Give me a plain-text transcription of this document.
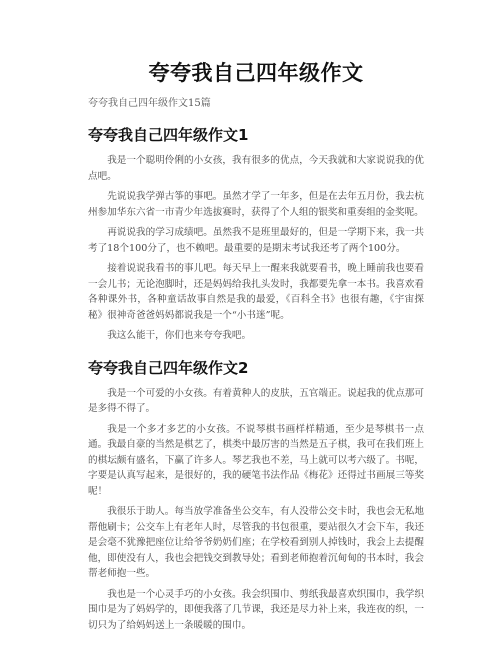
夸夸我自己四年级作文

夸夸我自己四年级作文15篇

夸夸我自己四年级作文1

我是一个聪明伶俐的小女孩，我有很多的优点，今天我就和大家说说我的优点吧。

先说说我学弹古筝的事吧。虽然才学了一年多，但是在去年五月份，我去杭州参加华东六省一市青少年选拔赛时，获得了个人组的银奖和重奏组的金奖呢。

再说说我的学习成绩吧。虽然我不是班里最好的，但是一学期下来，我一共考了18个100分了，也不赖吧。最重要的是期末考试我还考了两个100分。

接着说说我看书的事儿吧。每天早上一醒来我就要看书，晚上睡前我也要看一会儿书；无论泡脚时，还是妈妈给我扎头发时，我都要先拿一本书。我喜欢看各种课外书，各种童话故事自然是我的最爱，《百科全书》也很有趣，《宇宙探秘》很神奇爸爸妈妈都说我是一个“小书迷”呢。

我这么能干，你们也来夸夸我吧。

夸夸我自己四年级作文2

我是一个可爱的小女孩。有着黄种人的皮肤，五官端正。说起我的优点那可是多得不得了。

我是一个多才多艺的小女孩。不说琴棋书画样样精通，至少是琴棋书一点通。我最自豪的当然是棋艺了，棋类中最厉害的当然是五子棋，我可在我们班上的棋坛颇有盛名，下赢了许多人。琴艺我也不差，马上就可以考六级了。书呢，字要是认真写起来，是很好的，我的硬笔书法作品《梅花》还得过书画展三等奖呢！

我很乐于助人。每当放学准备坐公交车，有人没带公交卡时，我也会无私地帮他刷卡；公交车上有老年人时，尽管我的书包很重，要站很久才会下车，我还是会毫不犹豫把座位让给爷爷奶奶们座；在学校看到别人掉钱时，我会上去提醒他，即使没有人，我也会把钱交到教导处；看到老师抱着沉甸甸的书本时，我会帮老师抱一些。

我也是一个心灵手巧的小女孩。我会织围巾、剪纸我最喜欢织围巾，我学织围巾是为了妈妈学的，即便我落了几节课，我还是尽力补上来，我连夜的织，一切只为了给妈妈送上一条暖暖的围巾。
